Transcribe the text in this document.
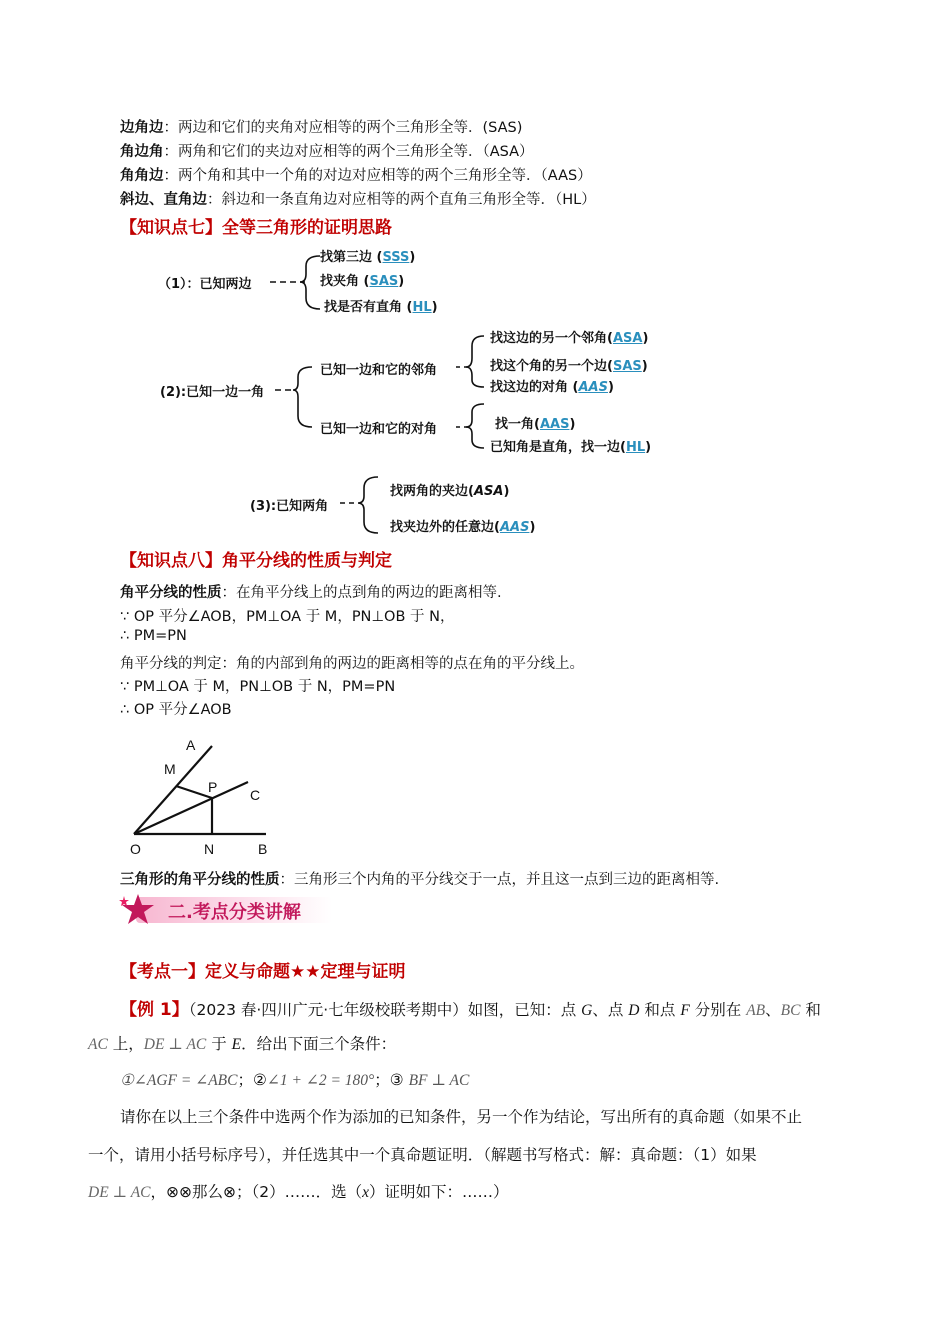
边角边：两边和它们的夹角对应相等的两个三角形全等．(SAS)
角边角：两角和它们的夹边对应相等的两个三角形全等．（ASA）
角角边：两个角和其中一个角的对边对应相等的两个三角形全等．（AAS）
斜边、直角边：斜边和一条直角边对应相等的两个直角三角形全等．（HL）
【知识点七】全等三角形的证明思路
（1）：已知两边
找第三边 (SSS)
找夹角 (SAS)
找是否有直角 (HL)
(2):已知一边一角
已知一边和它的邻角
找这边的另一个邻角(ASA)
找这个角的另一个边(SAS)
找这边的对角 (AAS)
已知一边和它的对角	找一角(AAS)
已知角是直角，找一边(HL)
(3):已知两角
找两角的夹边(ASA)
找夹边外的任意边(AAS)
【知识点八】角平分线的性质与判定
角平分线的性质：在角平分线上的点到角的两边的距离相等.
∵ OP 平分∠AOB，PM⊥OA 于 M，PN⊥OB 于 N，
∴ PM=PN
角平分线的判定：角的内部到角的两边的距离相等的点在角的平分线上。
∵ PM⊥OA 于 M，PN⊥OB 于 N，PM=PN
∴ OP 平分∠AOB
A
M
P C
O	N	B
三角形的角平分线的性质：三角形三个内角的平分线交于一点，并且这一点到三边的距离相等.
二.考点分类讲解
【考点一】定义与命题★★定理与证明
【例 1】（2023 春·四川广元·七年级校联考期中）如图，已知：点 G、点 D 和点 F 分别在 AB、BC 和
AC 上，DE ⊥ AC 于 E．给出下面三个条件：
①∠AGF = ∠ABC；②∠1 + ∠2 = 180°；③ BF ⊥ AC
请你在以上三个条件中选两个作为添加的已知条件，另一个作为结论，写出所有的真命题（如果不止
一个，请用小括号标序号），并任选其中一个真命题证明．（解题书写格式：解：真命题：（1）如果
DE ⊥ AC，⊗⊗那么⊗；（2）……．选（x）证明如下：……）
